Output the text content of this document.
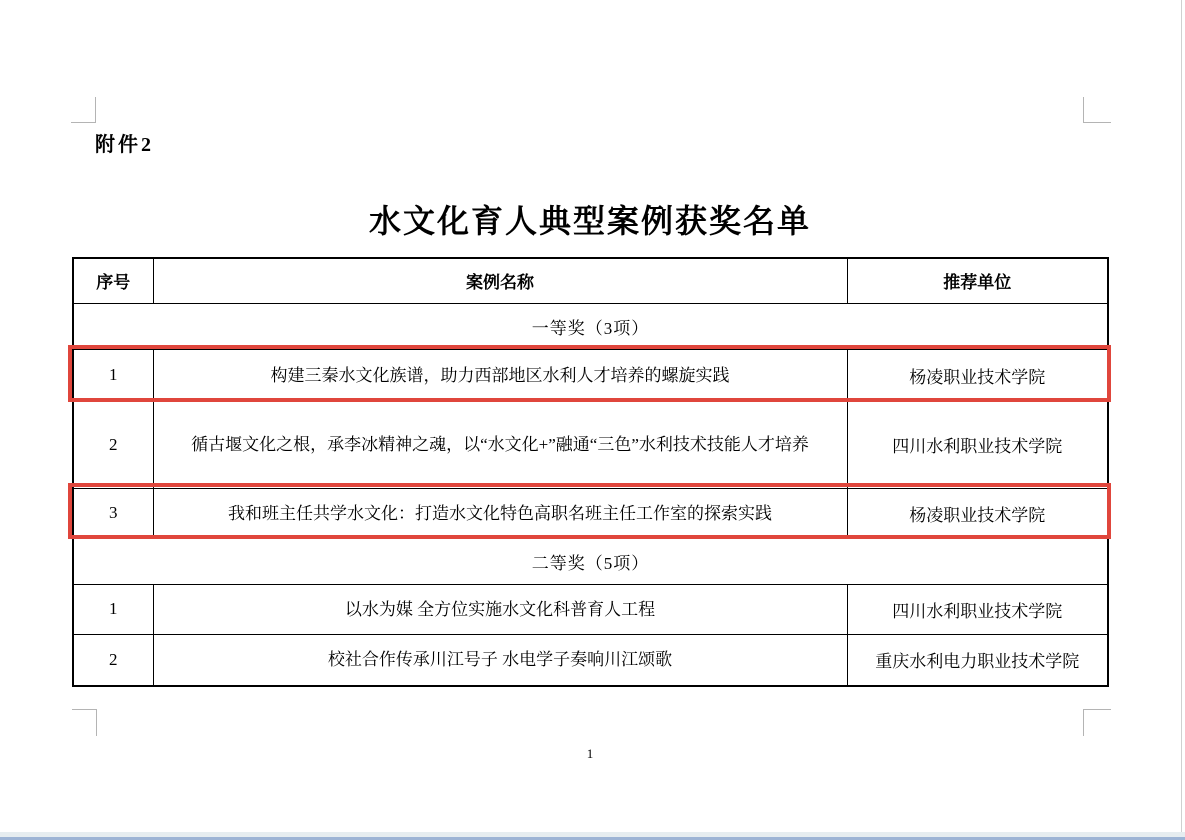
附件2
水文化育人典型案例获奖名单
序号	案例名称	推荐单位
一等奖（3项）		
1	构建三秦水文化族谱，助力西部地区水利人才培养的螺旋实践	杨凌职业技术学院
2	循古堰文化之根，承李冰精神之魂，以“水文化+”融通“三色”水利技术技能人才培养	四川水利职业技术学院
3	我和班主任共学水文化：打造水文化特色高职名班主任工作室的探索实践	杨凌职业技术学院
二等奖（5项）		
1	以水为媒 全方位实施水文化科普育人工程	四川水利职业技术学院
2	校社合作传承川江号子 水电学子奏响川江颂歌	重庆水利电力职业技术学院
1
